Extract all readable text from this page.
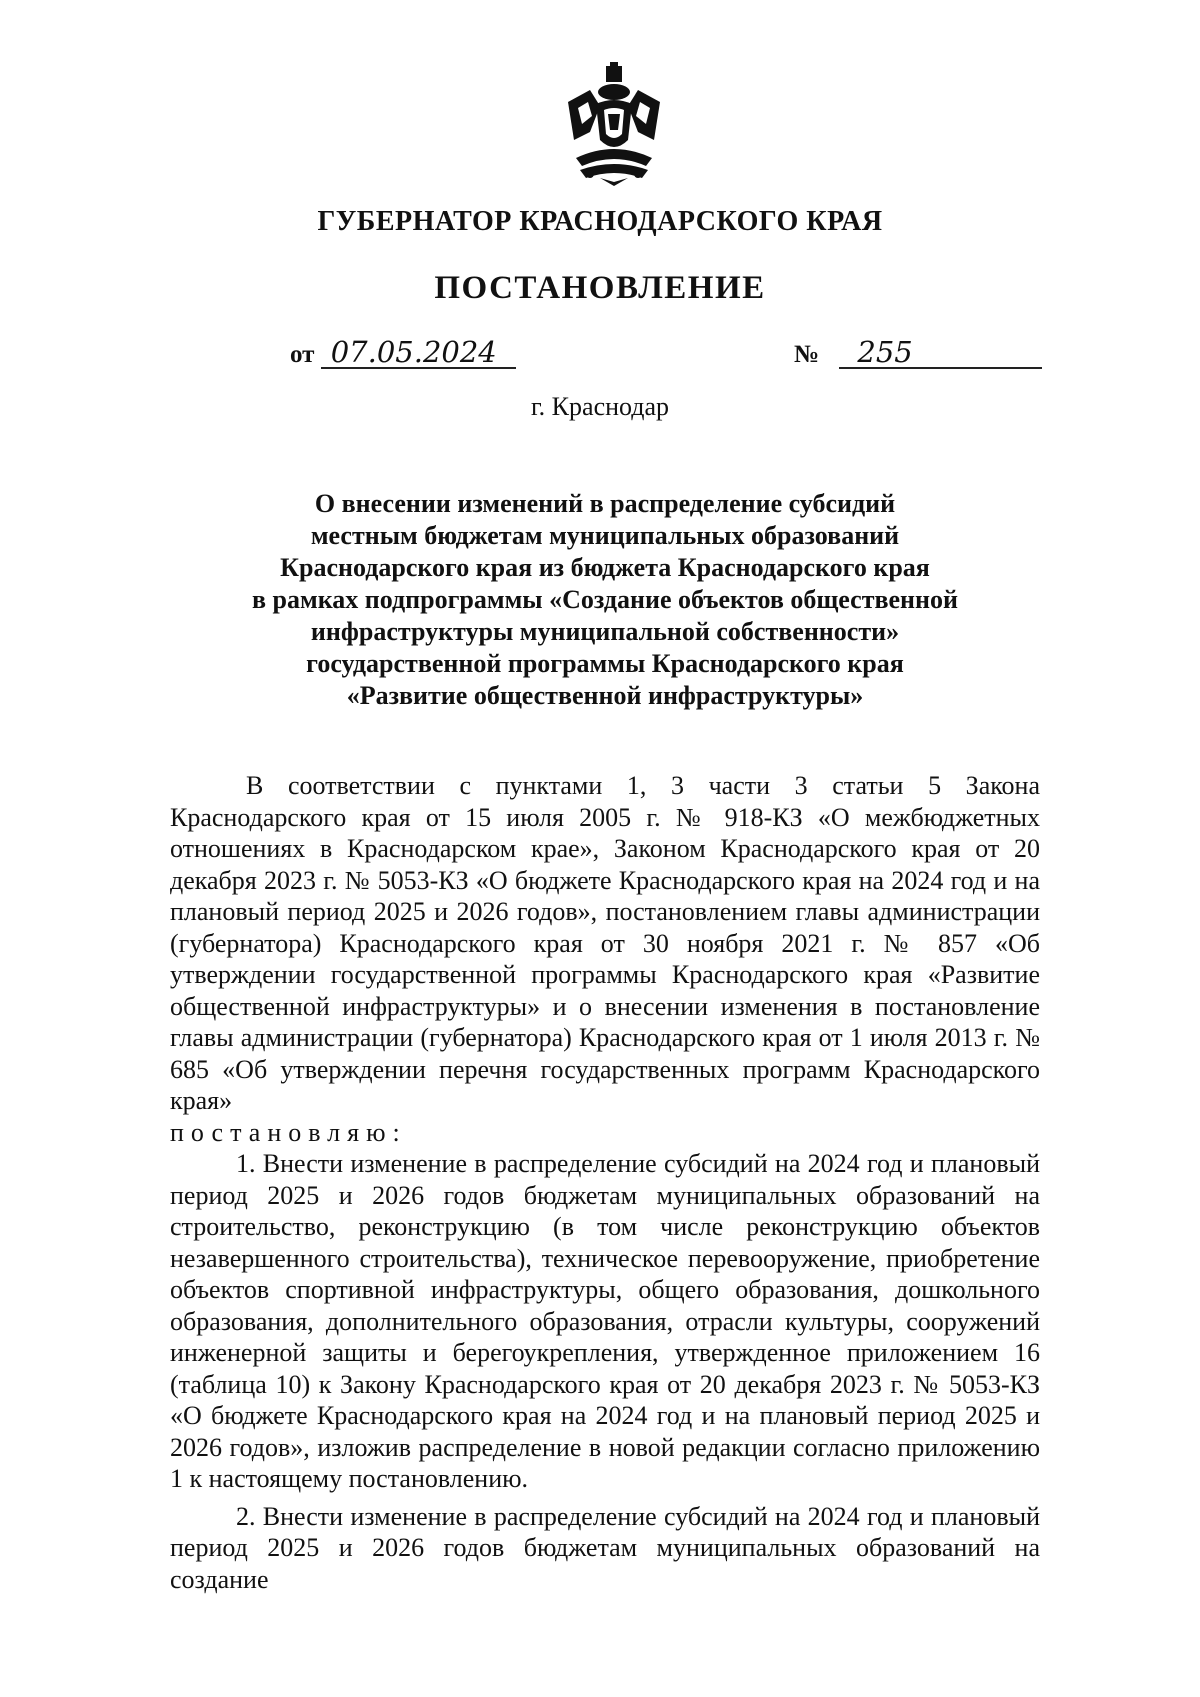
ГУБЕРНАТОР КРАСНОДАРСКОГО КРАЯ
ПОСТАНОВЛЕНИЕ
от 07.05.2024	№ 255
г. Краснодар
О внесении изменений в распределение субсидий
местным бюджетам муниципальных образований
Краснодарского края из бюджета Краснодарского края
в рамках подпрограммы «Создание объектов общественной
инфраструктуры муниципальной собственности»
государственной программы Краснодарского края
«Развитие общественной инфраструктуры»

В соответствии с пунктами 1, 3 части 3 статьи 5 Закона Краснодарского края от 15 июля 2005 г. № 918-КЗ «О межбюджетных отношениях в Краснодарском крае», Законом Краснодарского края от 20 декабря 2023 г. № 5053-КЗ «О бюджете Краснодарского края на 2024 год и на плановый период 2025 и 2026 годов», постановлением главы администрации (губернатора) Краснодарского края от 30 ноября 2021 г. № 857 «Об утверждении государственной программы Краснодарского края «Развитие общественной инфраструктуры» и о внесении изменения в постановление главы администрации (губернатора) Краснодарского края от 1 июля 2013 г. № 685 «Об утверждении перечня государственных программ Краснодарского края»
постановляю:

1. Внести изменение в распределение субсидий на 2024 год и плановый период 2025 и 2026 годов бюджетам муниципальных образований на строительство, реконструкцию (в том числе реконструкцию объектов незавершенного строительства), техническое перевооружение, приобретение объектов спортивной инфраструктуры, общего образования, дошкольного образования, дополнительного образования, отрасли культуры, сооружений инженерной защиты и берегоукрепления, утвержденное приложением 16 (таблица 10) к Закону Краснодарского края от 20 декабря 2023 г. № 5053-КЗ «О бюджете Краснодарского края на 2024 год и на плановый период 2025 и 2026 годов», изложив распределение в новой редакции согласно приложению 1 к настоящему постановлению.

2. Внести изменение в распределение субсидий на 2024 год и плановый период 2025 и 2026 годов бюджетам муниципальных образований на создание
